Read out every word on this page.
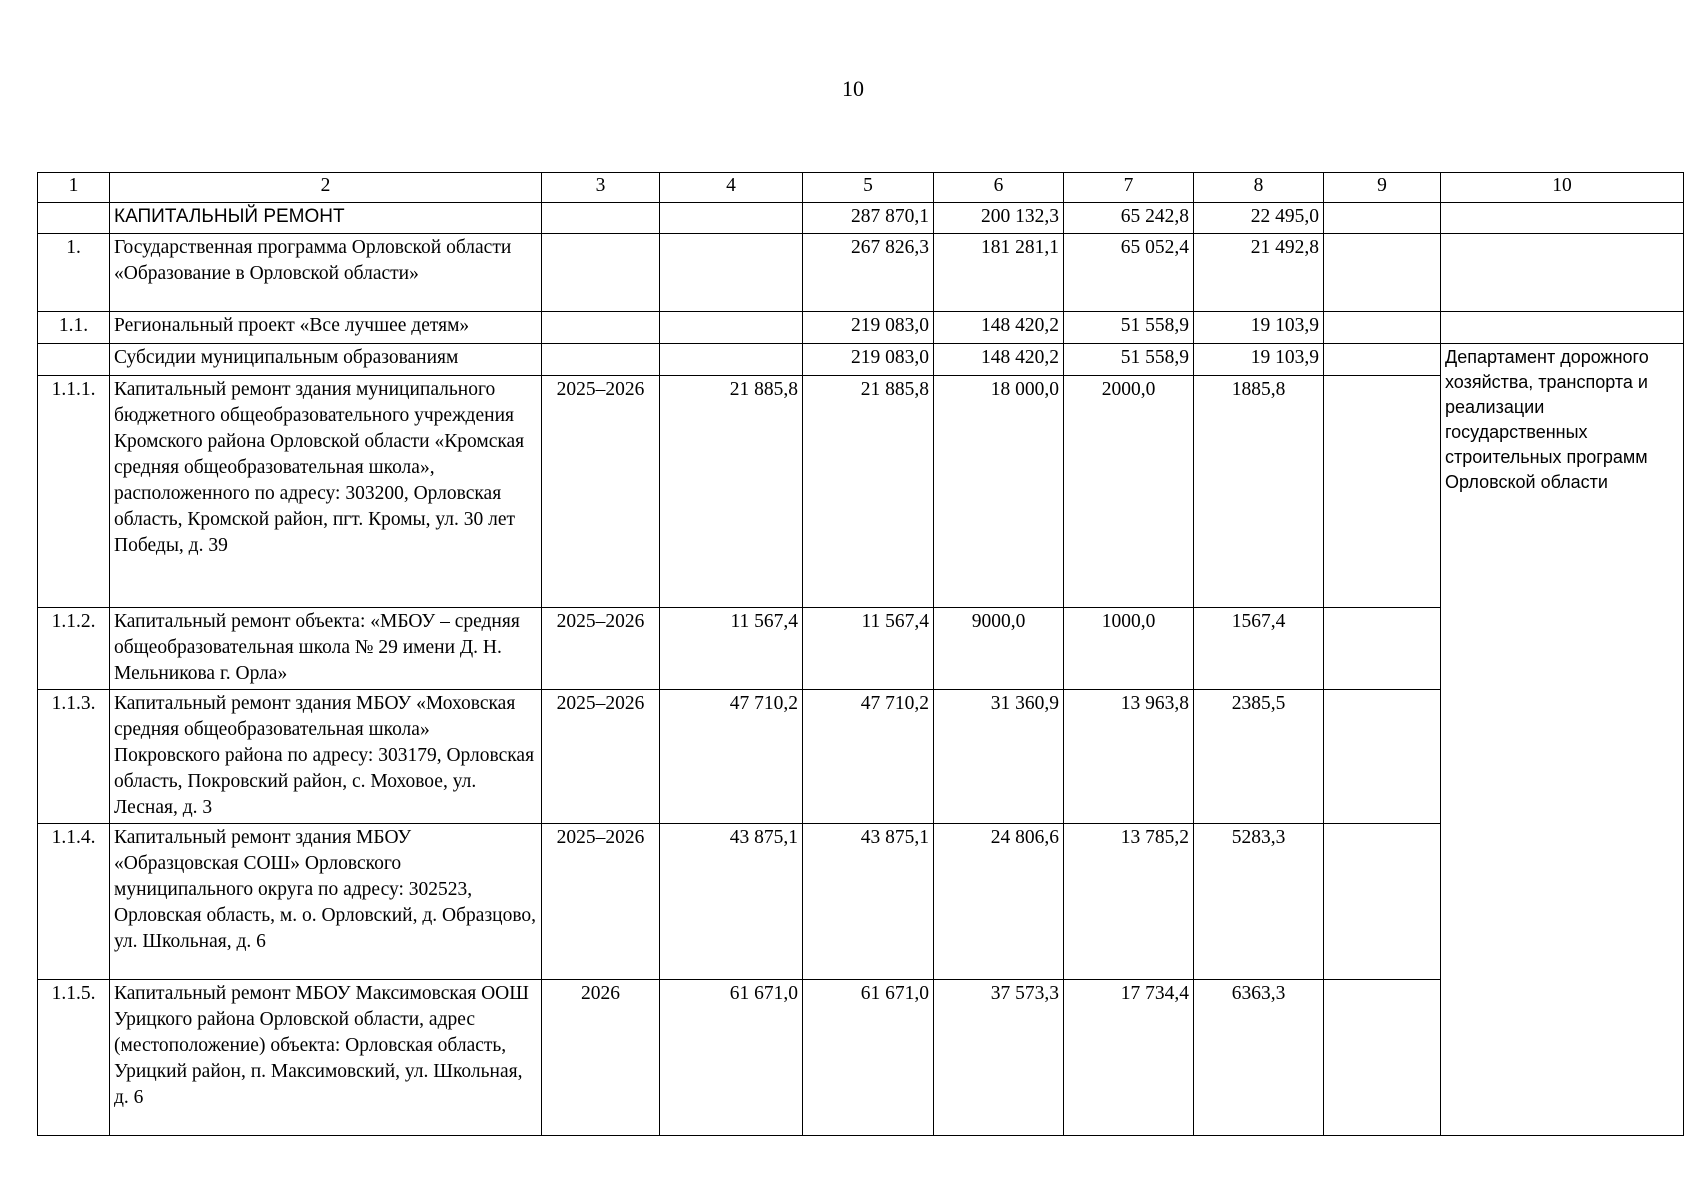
10
1	2	3	4	5	6	7	8	9	10
	КАПИТАЛЬНЫЙ РЕМОНТ			287 870,1	200 132,3	65 242,8	22 495,0		
1.	Государственная программа Орловской области «Образование в Орловской области»			267 826,3	181 281,1	65 052,4	21 492,8		
1.1.	Региональный проект «Все лучшее детям»			219 083,0	148 420,2	51 558,9	19 103,9		
	Субсидии муниципальным образованиям			219 083,0	148 420,2	51 558,9	19 103,9		Департамент дорожного хозяйства, транспорта и реализации государственных строительных программ Орловской области
1.1.1.	Капитальный ремонт здания муниципального бюджетного общеобразовательного учреждения Кромского района Орловской области «Кромская средняя общеобразовательная школа», расположенного по адресу: 303200, Орловская область, Кромской район, пгт. Кромы, ул. 30 лет Победы, д. 39	2025–2026	21 885,8	21 885,8	18 000,0	2000,0	1885,8		
1.1.2.	Капитальный ремонт объекта: «МБОУ – средняя общеобразовательная школа № 29 имени Д. Н. Мельникова г. Орла»	2025–2026	11 567,4	11 567,4	9000,0	1000,0	1567,4		
1.1.3.	Капитальный ремонт здания МБОУ «Моховская средняя общеобразовательная школа» Покровского района по адресу: 303179, Орловская область, Покровский район, с. Моховое, ул. Лесная, д. 3	2025–2026	47 710,2	47 710,2	31 360,9	13 963,8	2385,5		
1.1.4.	Капитальный ремонт здания МБОУ «Образцовская СОШ» Орловского муниципального округа по адресу: 302523, Орловская область, м. о. Орловский, д. Образцово, ул. Школьная, д. 6	2025–2026	43 875,1	43 875,1	24 806,6	13 785,2	5283,3		
1.1.5.	Капитальный ремонт МБОУ Максимовская ООШ Урицкого района Орловской области, адрес (местоположение) объекта: Орловская область, Урицкий район, п. Максимовский, ул. Школьная, д. 6	2026	61 671,0	61 671,0	37 573,3	17 734,4	6363,3		
